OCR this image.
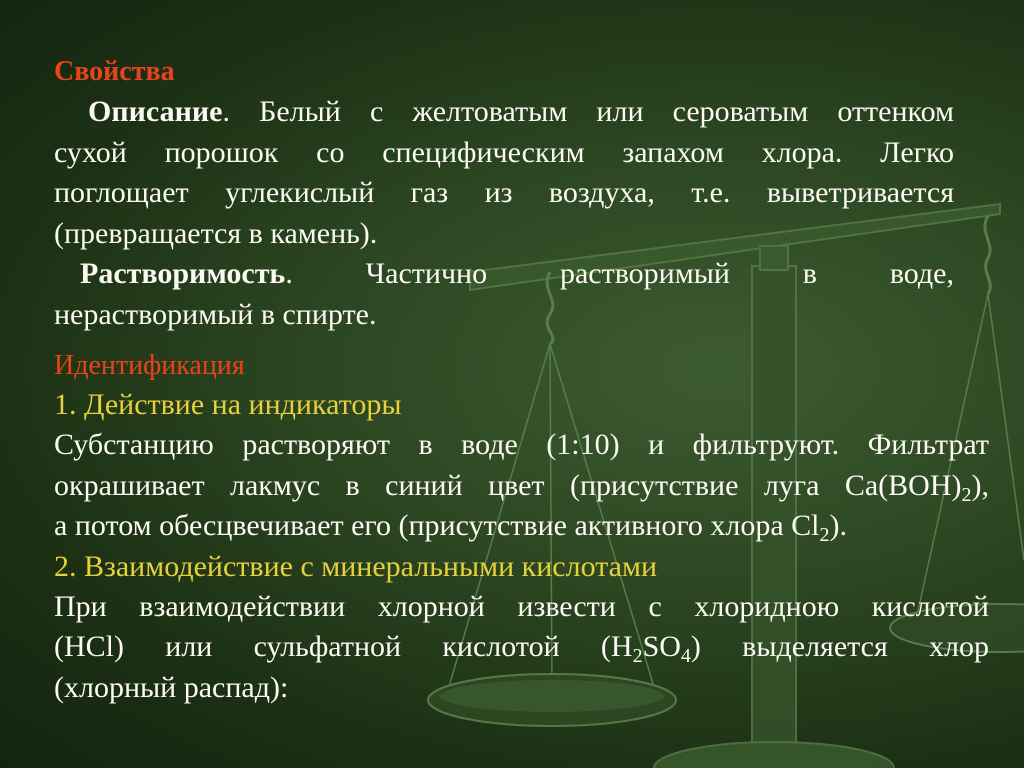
Свойства

Описание. Белый с желтоватым или сероватым оттенком

сухой порошок со специфическим запахом хлора. Легко

поглощает углекислый газ из воздуха, т.е. выветривается

(превращается в камень).

Растворимость. Частично растворимый в воде,

нерастворимый в спирте.

Идентификация

1. Действие на индикаторы

Субстанцию растворяют в воде (1:10) и фильтруют. Фильтрат

окрашивает лакмус в синий цвет (присутствие луга $Ca(BOH)_2$),

а потом обесцвечивает его (присутствие активного хлора $Cl_2$).

2. Взаимодействие с минеральными кислотами

При взаимодействии хлорной извести с хлоридною кислотой

(HCl) или сульфатной кислотой $(H_2SO_4)$ выделяется хлор

(хлорный распад):
